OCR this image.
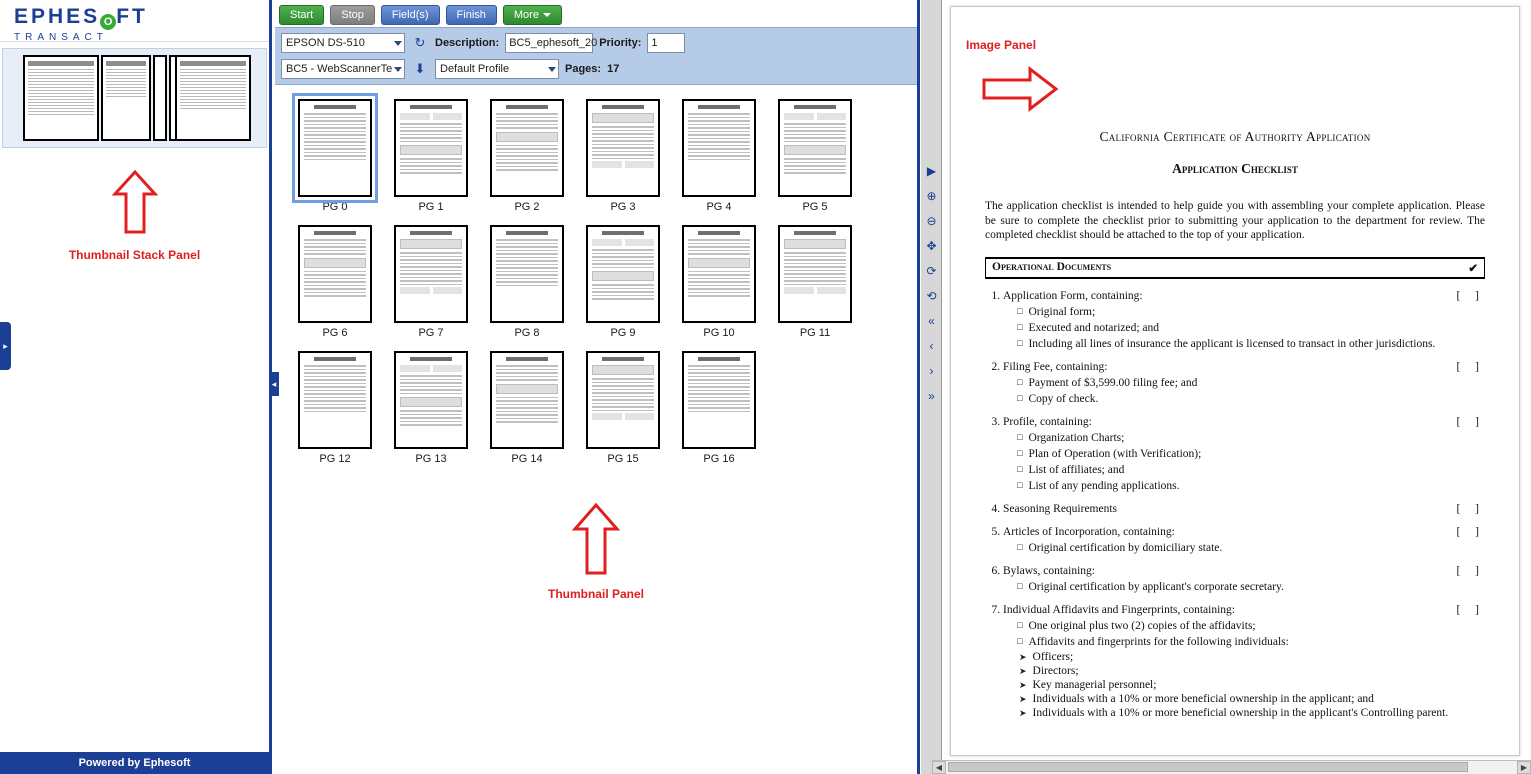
EPHES O FT
TRANSACT
Thumbnail Stack Panel
Powered by Ephesoft
▸
Start	Stop	Field(s)	Finish	More
EPSON DS-510	↻ Description: BC5_ephesoft_20 Priority: 1
BC5 - WebScannerTe	⬇	Default Profile	Pages: 17
PG 0	PG 1	PG 2	PG 3	PG 4	PG 5
PG 6	PG 7	PG 8	PG 9	PG 10	PG 11
PG 12	PG 13	PG 14	PG 15	PG 16
Thumbnail Panel
◂
▶
⊕
⊖
✥
⟳
⟲
«
‹
›
»
California Certificate of Authority Application
Application Checklist
The application checklist is intended to help guide you with assembling your complete application. Please be sure to complete the checklist prior to submitting your application to the department for review. The completed checklist should be attached to the top of your application.
Operational Documents	✔
1. Application Form, containing:	[ ]
□ Original form;
□ Executed and notarized; and
□ Including all lines of insurance the applicant is licensed to transact in other jurisdictions.
2. Filing Fee, containing:	[ ]
□ Payment of $3,599.00 filing fee; and
□ Copy of check.
3. Profile, containing:	[ ]
□ Organization Charts;
□ Plan of Operation (with Verification);
□ List of affiliates; and
□ List of any pending applications.
4. Seasoning Requirements	[ ]
5. Articles of Incorporation, containing:	[ ]
□ Original certification by domiciliary state.
6. Bylaws, containing:	[ ]
□ Original certification by applicant's corporate secretary.
7. Individual Affidavits and Fingerprints, containing:	[ ]
□ One original plus two (2) copies of the affidavits;
□ Affidavits and fingerprints for the following individuals:
➤ Officers;
➤ Directors;
➤ Key managerial personnel;
➤ Individuals with a 10% or more beneficial ownership in the applicant; and
➤ Individuals with a 10% or more beneficial ownership in the applicant's Controlling parent.
Image Panel
◀	▶
